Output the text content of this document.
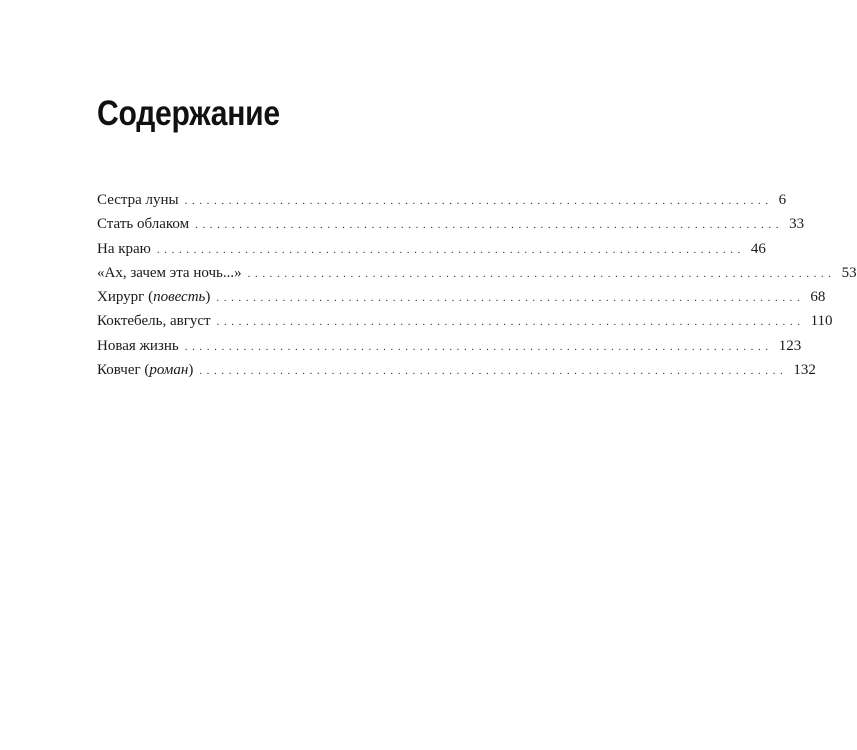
Содержание
Сестра луны ................................................................................ 6
Стать облаком ................................................................................ 33
На краю ................................................................................ 46
«Ах, зачем эта ночь...» ................................................................................ 53
Хирург (повесть) ................................................................................ 68
Коктебель, август ................................................................................ 110
Новая жизнь ................................................................................ 123
Ковчег (роман) ................................................................................ 132
